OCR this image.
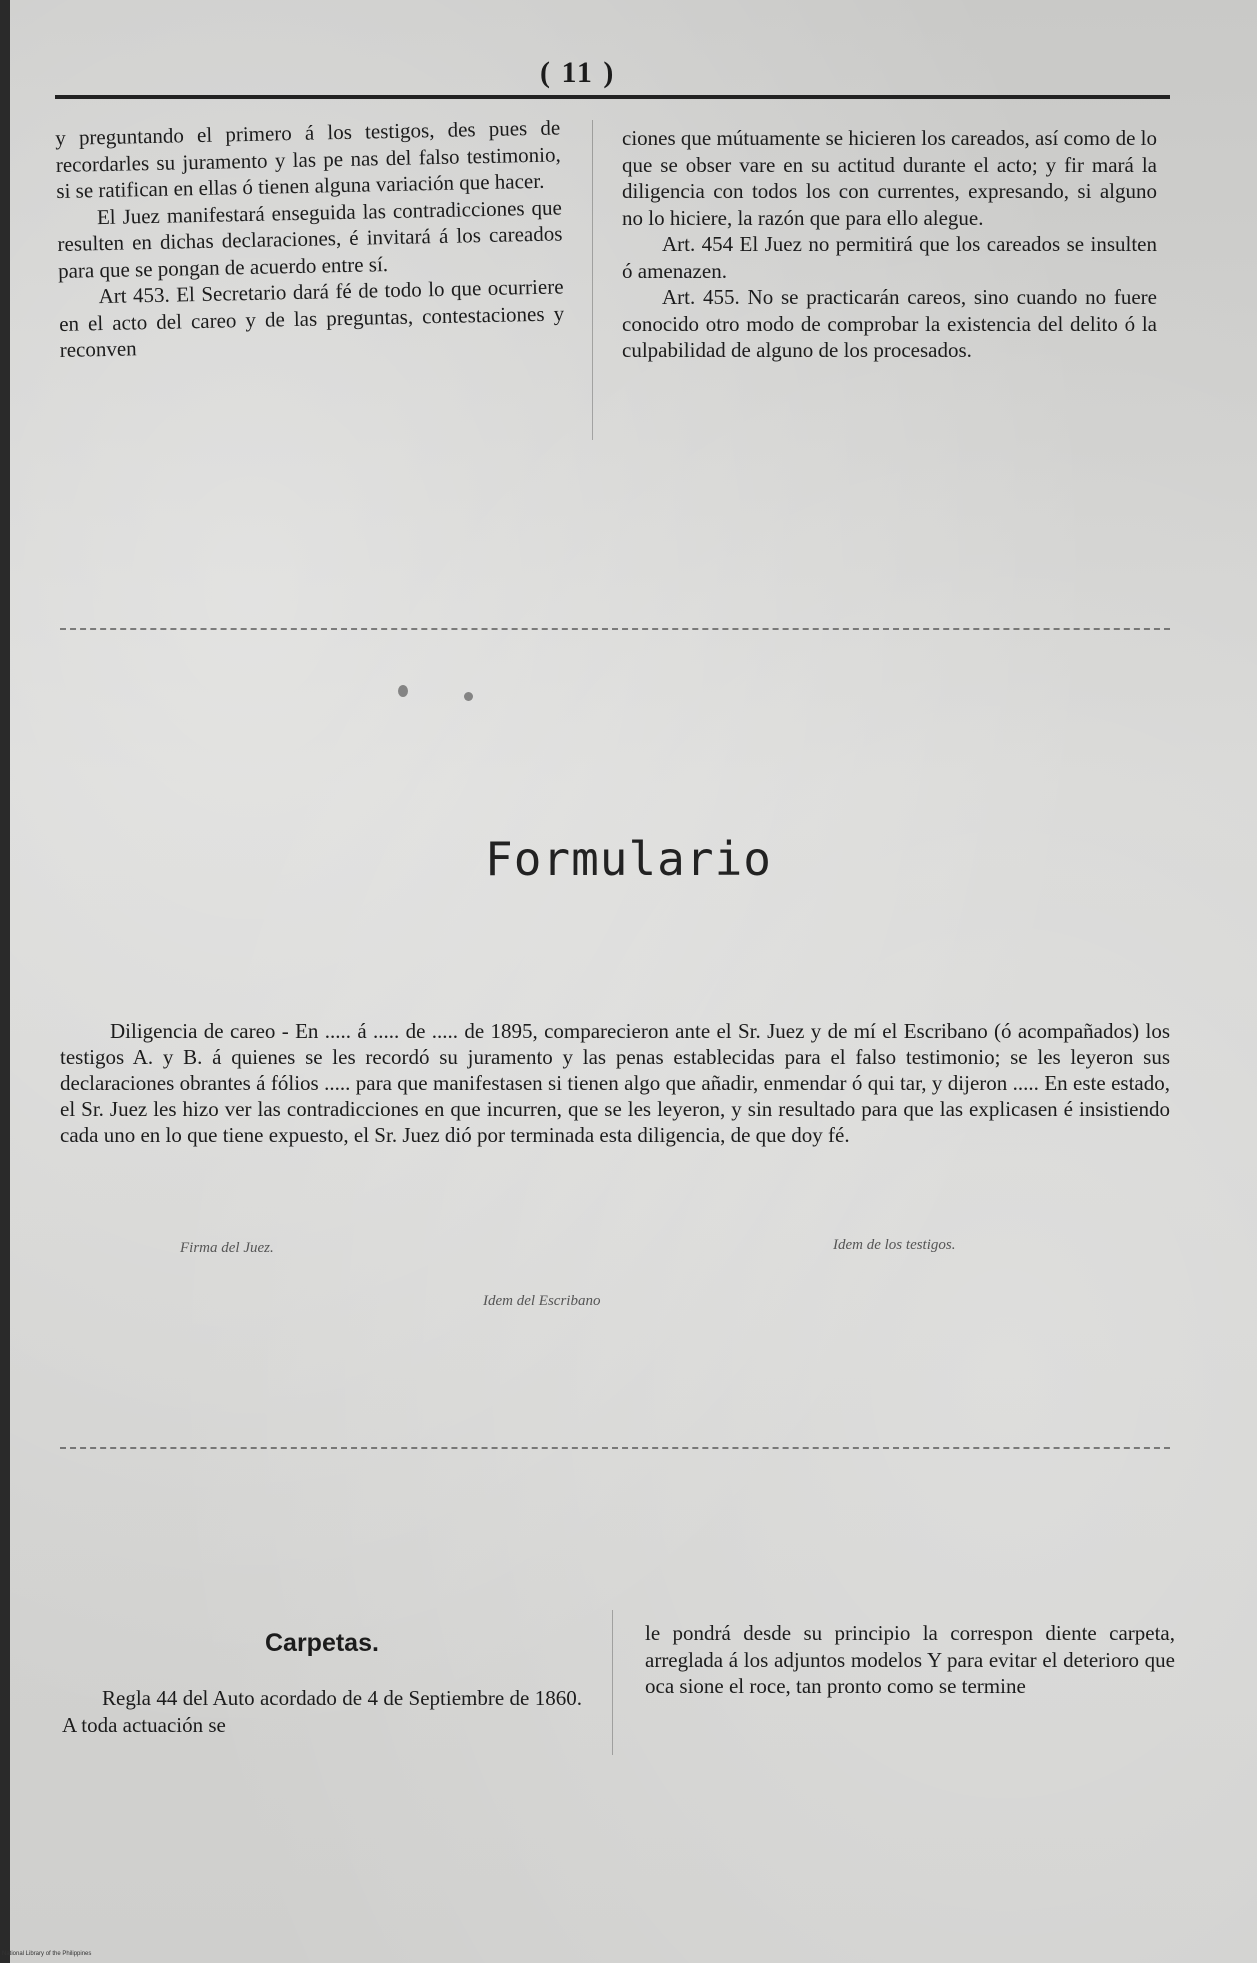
( 11 )

y preguntando el primero á los testigos, des pues de recordarles su juramento y las pe nas del falso testimonio, si se ratifican en ellas ó tienen alguna variación que hacer.

El Juez manifestará enseguida las contradicciones que resulten en dichas declaraciones, é invitará á los careados para que se pongan de acuerdo entre sí.

Art 453. El Secretario dará fé de todo lo que ocurriere en el acto del careo y de las preguntas, contestaciones y reconven

ciones que mútuamente se hicieren los careados, así como de lo que se obser vare en su actitud durante el acto; y fir mará la diligencia con todos los con currentes, expresando, si alguno no lo hiciere, la razón que para ello alegue.

Art. 454 El Juez no permitirá que los careados se insulten ó amenazen.

Art. 455. No se practicarán careos, sino cuando no fuere conocido otro modo de comprobar la existencia del delito ó la culpabilidad de alguno de los procesados.

Formulario
Diligencia de careo - En ..... á ..... de ..... de 1895, comparecieron ante el Sr. Juez y de mí el Escribano (ó acompañados) los testigos A. y B. á quienes se les recordó su juramento y las penas establecidas para el falso testimonio; se les leyeron sus declaraciones obrantes á fólios ..... para que manifestasen si tienen algo que añadir, enmendar ó qui tar, y dijeron ..... En este estado, el Sr. Juez les hizo ver las contradicciones en que incurren, que se les leyeron, y sin resultado para que las explicasen é insistiendo cada uno en lo que tiene expuesto, el Sr. Juez dió por terminada esta diligencia, de que doy fé.
Firma del Juez.	Idem de los testigos.
Idem del Escribano
Carpetas.

Regla 44 del Auto acordado de 4 de Septiembre de 1860. A toda actuación se

le pondrá desde su principio la correspon diente carpeta, arreglada á los adjuntos modelos Y para evitar el deterioro que oca sione el roce, tan pronto como se termine

National Library of the Philippines
